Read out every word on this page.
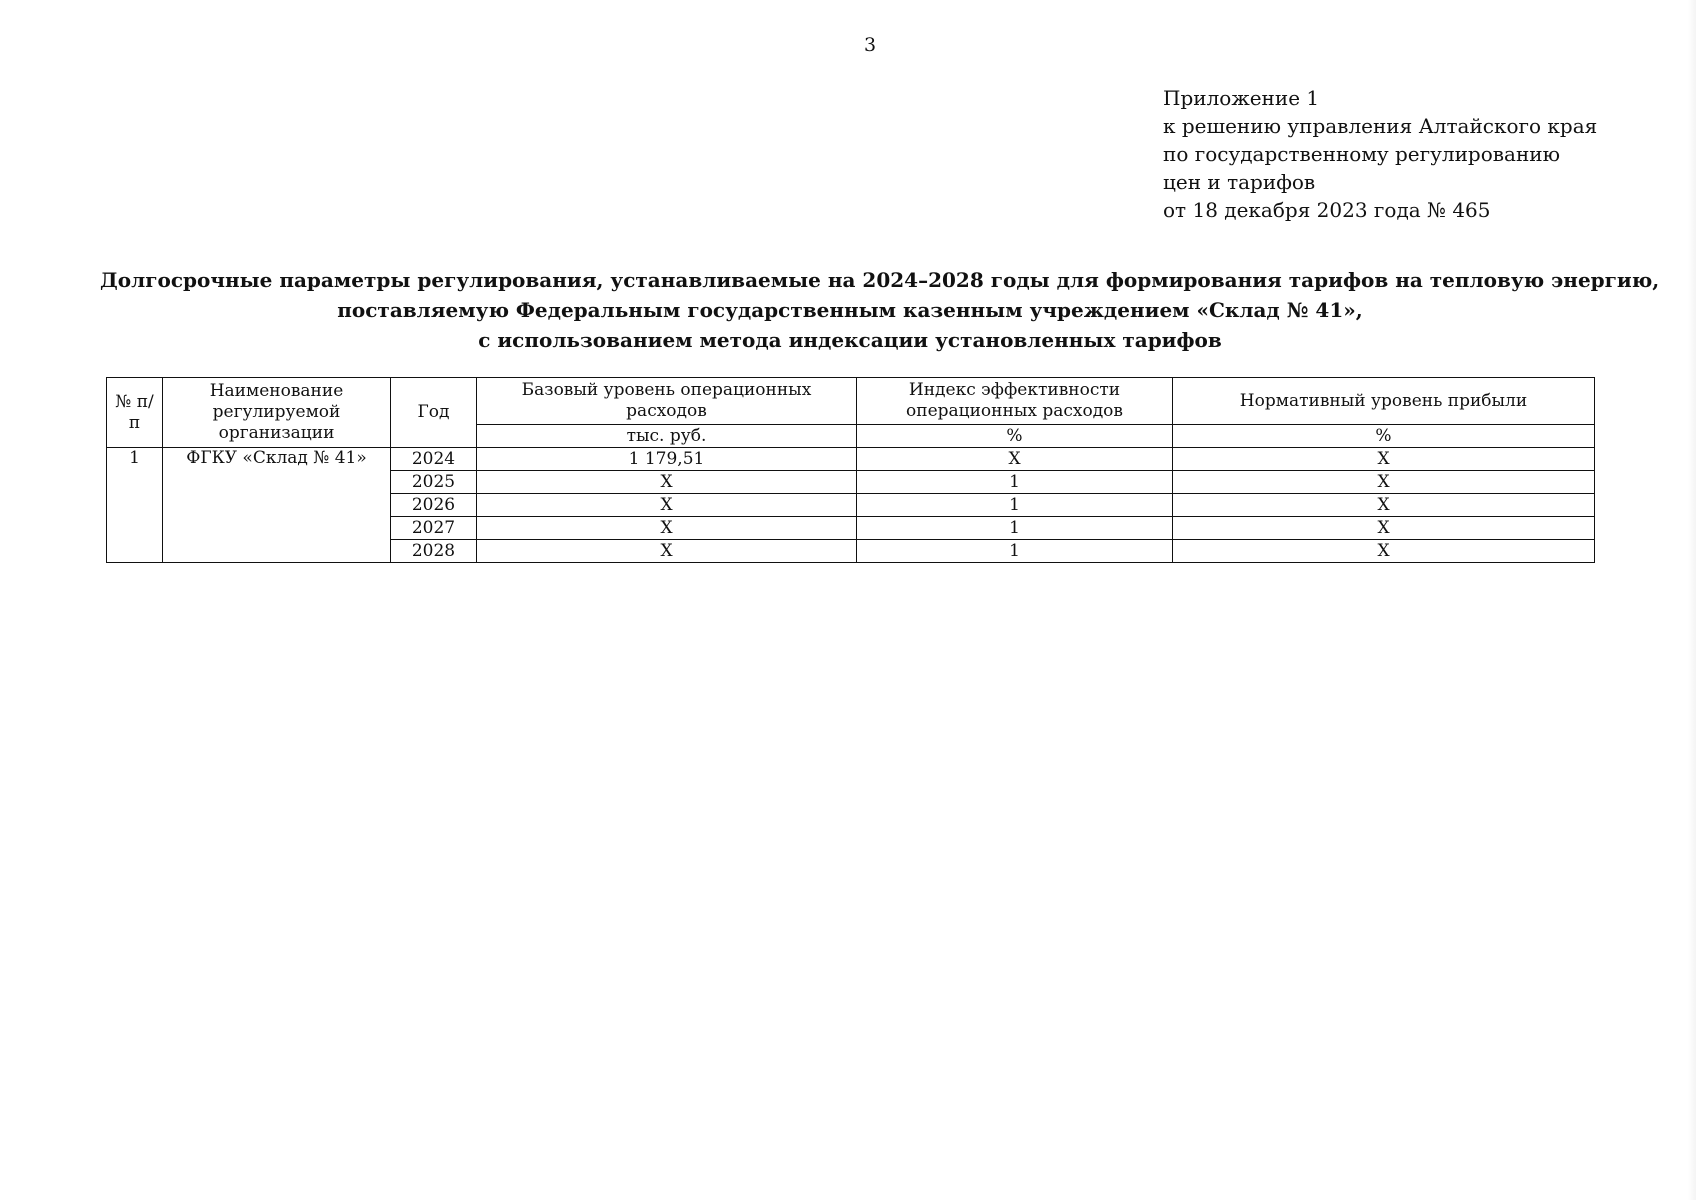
3
Приложение 1
к решению управления Алтайского края
по государственному регулированию
цен и тарифов
от 18 декабря 2023 года № 465
Долгосрочные параметры регулирования, устанавливаемые на 2024–2028 годы для формирования тарифов на тепловую энергию,
поставляемую Федеральным государственным казенным учреждением «Склад № 41»,
с использованием метода индексации установленных тарифов
№ п/п	Наименование регулируемой организации	Год	Базовый уровень операционных расходов	Индекс эффективности операционных расходов	Нормативный уровень прибыли
			тыс. руб.	%	%
1	ФГКУ «Склад № 41»	2024	1 179,51	Х	Х
		2025	Х	1	Х
		2026	Х	1	Х
		2027	Х	1	Х
		2028	Х	1	Х
